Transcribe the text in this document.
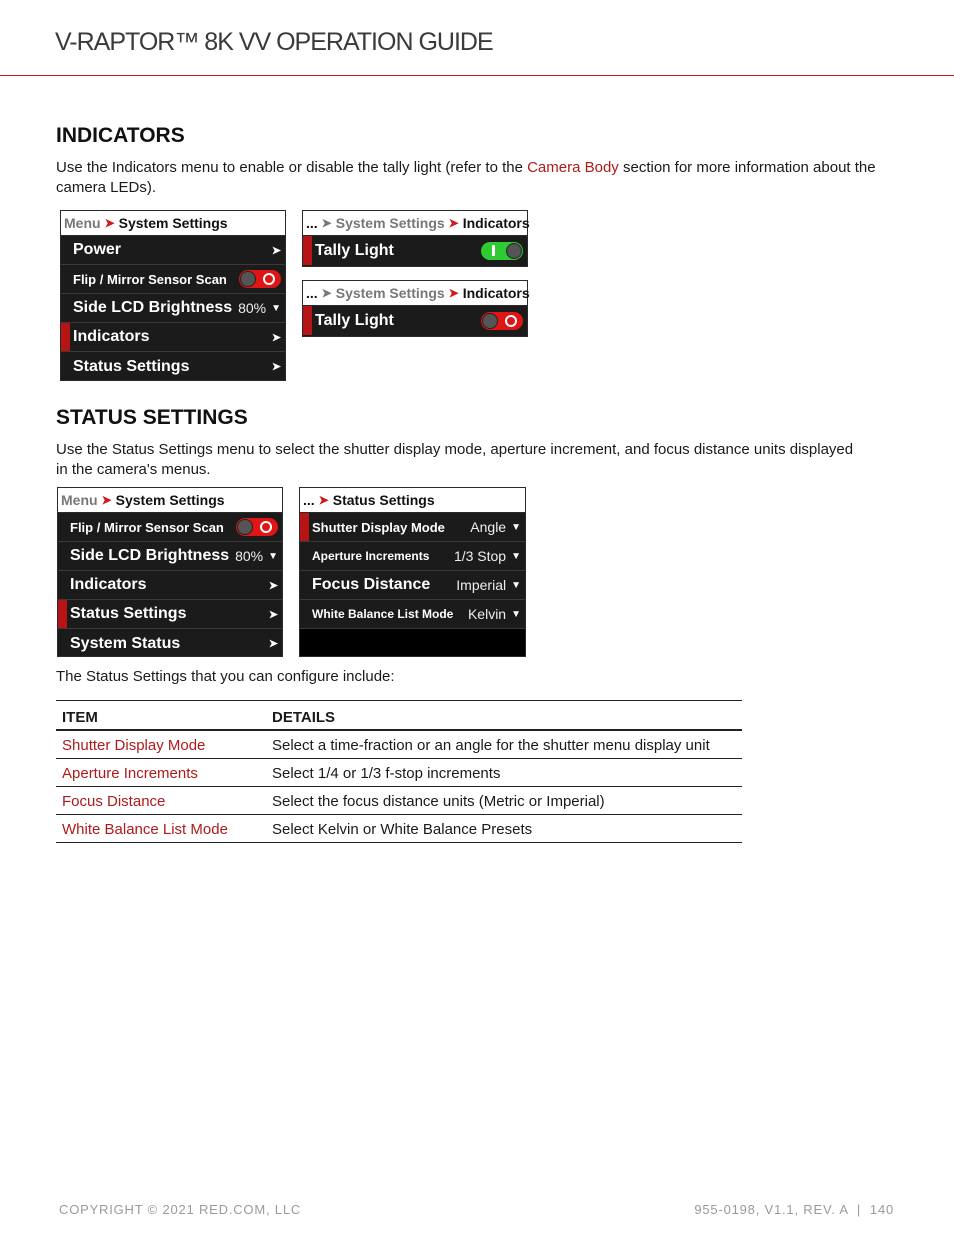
V-RAPTOR™ 8K VV OPERATION GUIDE
INDICATORS
Use the Indicators menu to enable or disable the tally light (refer to the Camera Body section for more information about the camera LEDs).
Menu ➤ System Settings
Power	➤
Flip / Mirror Sensor Scan
Side LCD Brightness 80% ▼
Indicators	➤
Status Settings	➤
... ➤ System Settings ➤ Indicators
Tally Light
... ➤ System Settings ➤ Indicators
Tally Light
STATUS SETTINGS
Use the Status Settings menu to select the shutter display mode, aperture increment, and focus distance units displayed in the camera's menus.
Menu ➤ System Settings
Flip / Mirror Sensor Scan
Side LCD Brightness 80% ▼
Indicators	➤
Status Settings	➤
System Status	➤
... ➤ Status Settings
Shutter Display Mode	Angle ▼
Aperture Increments	1/3 Stop ▼
Focus Distance	Imperial ▼
White Balance List Mode	Kelvin ▼
The Status Settings that you can configure include:
ITEM	DETAILS
Shutter Display Mode	Select a time-fraction or an angle for the shutter menu display unit
Aperture Increments	Select 1/4 or 1/3 f-stop increments
Focus Distance	Select the focus distance units (Metric or Imperial)
White Balance List Mode	Select Kelvin or White Balance Presets
COPYRIGHT © 2021 RED.COM, LLC	955-0198, V1.1, REV. A  |  140
